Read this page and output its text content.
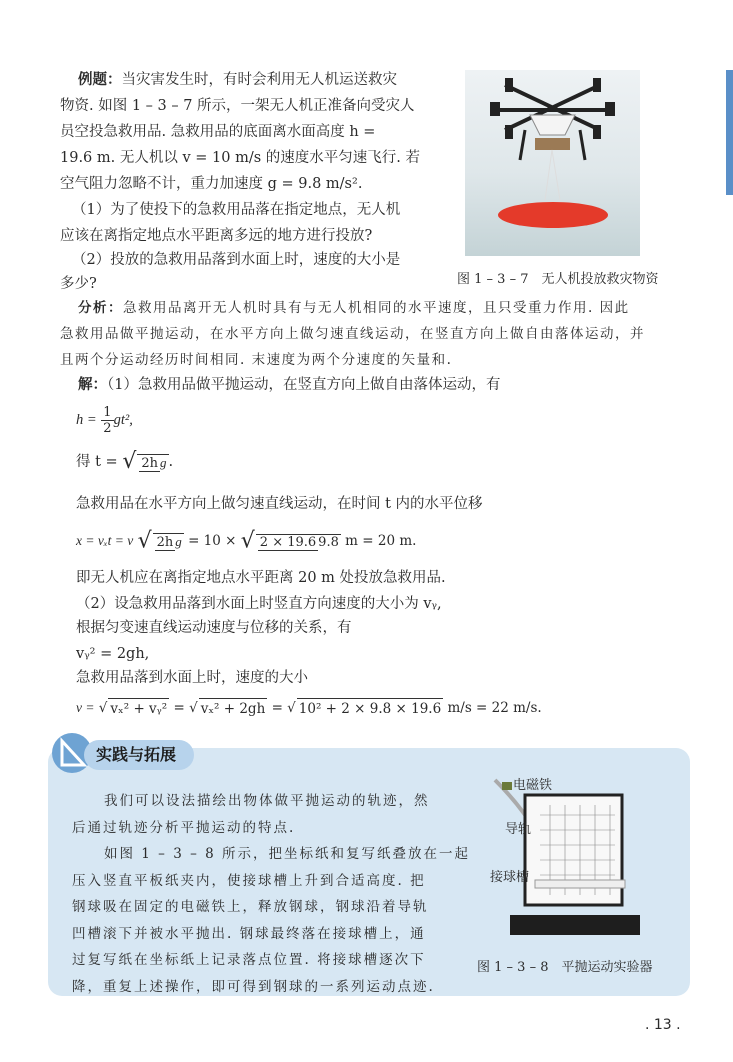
例题：当灾害发生时，有时会利用无人机运送救灾
物资. 如图 1 – 3 – 7 所示，一架无人机正准备向受灾人
员空投急救用品. 急救用品的底面离水面高度 h =
19.6 m. 无人机以 v = 10 m/s 的速度水平匀速飞行. 若
空气阻力忽略不计，重力加速度 g = 9.8 m/s².
（1）为了使投下的急救用品落在指定地点，无人机
应该在离指定地点水平距离多远的地方进行投放?
（2）投放的急救用品落到水面上时，速度的大小是
多少?	图 1 – 3 – 7　无人机投放救灾物资
分析：急救用品离开无人机时具有与无人机相同的水平速度，且只受重力作用. 因此
急救用品做平抛运动，在水平方向上做匀速直线运动，在竖直方向上做自由落体运动，并
且两个分运动经历时间相同. 末速度为两个分速度的矢量和.
解：（1）急救用品做平抛运动，在竖直方向上做自由落体运动，有
$h = \frac{1}{2} gt^2$,
得 t = √ 2h g .
急救用品在水平方向上做匀速直线运动，在时间 t 内的水平位移
x = vₓt = v √ 2h g = 10 × √ 2 × 19.6 9.8 m = 20 m.
即无人机应在离指定地点水平距离 20 m 处投放急救用品.
（2）设急救用品落到水面上时竖直方向速度的大小为 vᵧ,
根据匀变速直线运动速度与位移的关系，有
vᵧ² = 2gh,
急救用品落到水面上时，速度的大小
v = √ vₓ² + vᵧ² = √ vₓ² + 2gh = √ 10² + 2 × 9.8 × 19.6 m/s = 22 m/s.
实践与拓展
我们可以设法描绘出物体做平抛运动的轨迹，然
后通过轨迹分析平抛运动的特点.
如图 1 – 3 – 8 所示，把坐标纸和复写纸叠放在一起
压入竖直平板纸夹内，使接球槽上升到合适高度. 把
钢球吸在固定的电磁铁上，释放钢球，钢球沿着导轨
凹槽滚下并被水平抛出. 钢球最终落在接球槽上，通
过复写纸在坐标纸上记录落点位置. 将接球槽逐次下
降，重复上述操作，即可得到钢球的一系列运动点迹.
电磁铁
导轨
接球槽
图 1 – 3 – 8　平抛运动实验器
. 13 .
